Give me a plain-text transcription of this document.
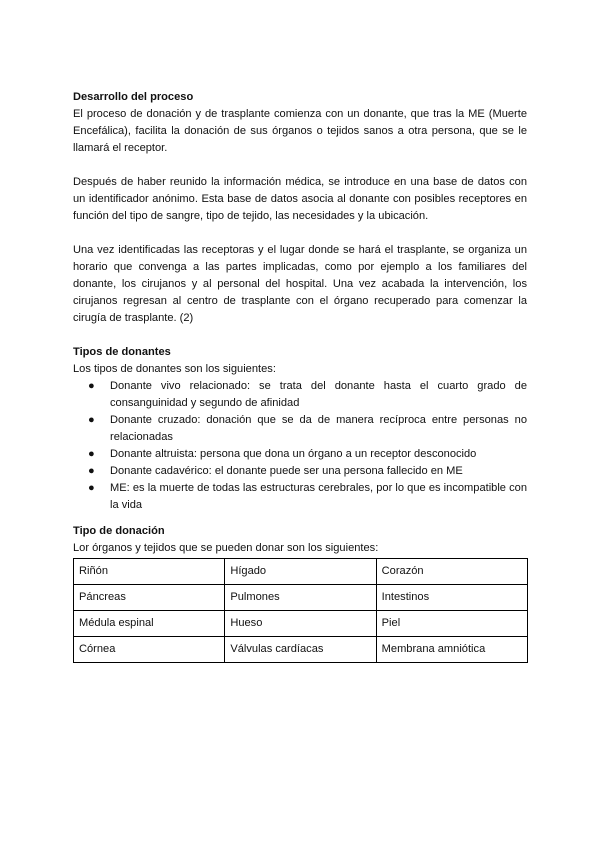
Desarrollo del proceso

El proceso de donación y de trasplante comienza con un donante, que tras la ME (Muerte Encefálica), facilita la donación de sus órganos o tejidos sanos a otra persona, que se le llamará el receptor.

Después de haber reunido la información médica, se introduce en una base de datos con un identificador anónimo. Esta base de datos asocia al donante con posibles receptores en función del tipo de sangre, tipo de tejido, las necesidades y la ubicación.

Una vez identificadas las receptoras y el lugar donde se hará el trasplante, se organiza un horario que convenga a las partes implicadas, como por ejemplo a los familiares del donante, los cirujanos y al personal del hospital. Una vez acabada la intervención, los cirujanos regresan al centro de trasplante con el órgano recuperado para comenzar la cirugía de trasplante. (2)

Tipos de donantes

Los tipos de donantes son los siguientes:

● Donante vivo relacionado: se trata del donante hasta el cuarto grado de consanguinidad y segundo de afinidad
● Donante cruzado: donación que se da de manera recíproca entre personas no relacionadas
● Donante altruista: persona que dona un órgano a un receptor desconocido
● Donante cadavérico: el donante puede ser una persona fallecido en ME
● ME: es la muerte de todas las estructuras cerebrales, por lo que es incompatible con la vida

Tipo de donación

Lor órganos y tejidos que se pueden donar son los siguientes:

Riñón	Hígado	Corazón
Páncreas	Pulmones	Intestinos
Médula espinal	Hueso	Piel
Córnea	Válvulas cardíacas	Membrana amniótica
